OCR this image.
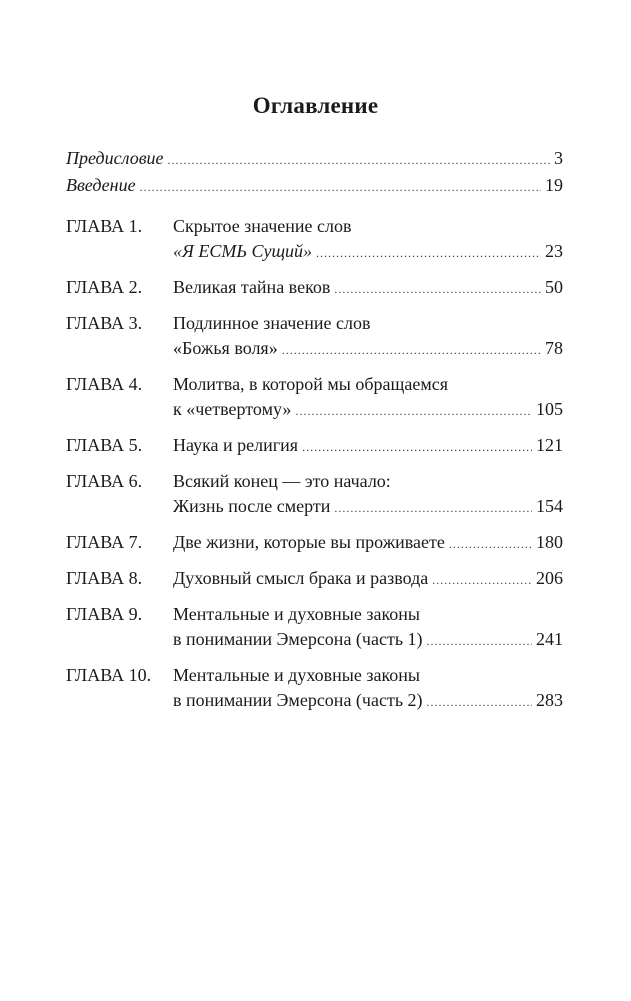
Оглавление
Предисловие .....	3
Введение .....	19
ГЛАВА 1.	Скрытое значение слов
«Я ЕСМЬ Сущий» .....	23
ГЛАВА 2.	Великая тайна веков .....	50
ГЛАВА 3.	Подлинное значение слов
«Божья воля» .....	78
ГЛАВА 4.	Молитва, в которой мы обращаемся
к «четвертому» .....	105
ГЛАВА 5.	Наука и религия .....	121
ГЛАВА 6.	Всякий конец — это начало:
Жизнь после смерти .....	154
ГЛАВА 7.	Две жизни, которые вы проживаете .....	180
ГЛАВА 8.	Духовный смысл брака и развода .....	206
ГЛАВА 9.	Ментальные и духовные законы
в понимании Эмерсона (часть 1) .....	241
ГЛАВА 10.	Ментальные и духовные законы
в понимании Эмерсона (часть 2) .....	283
